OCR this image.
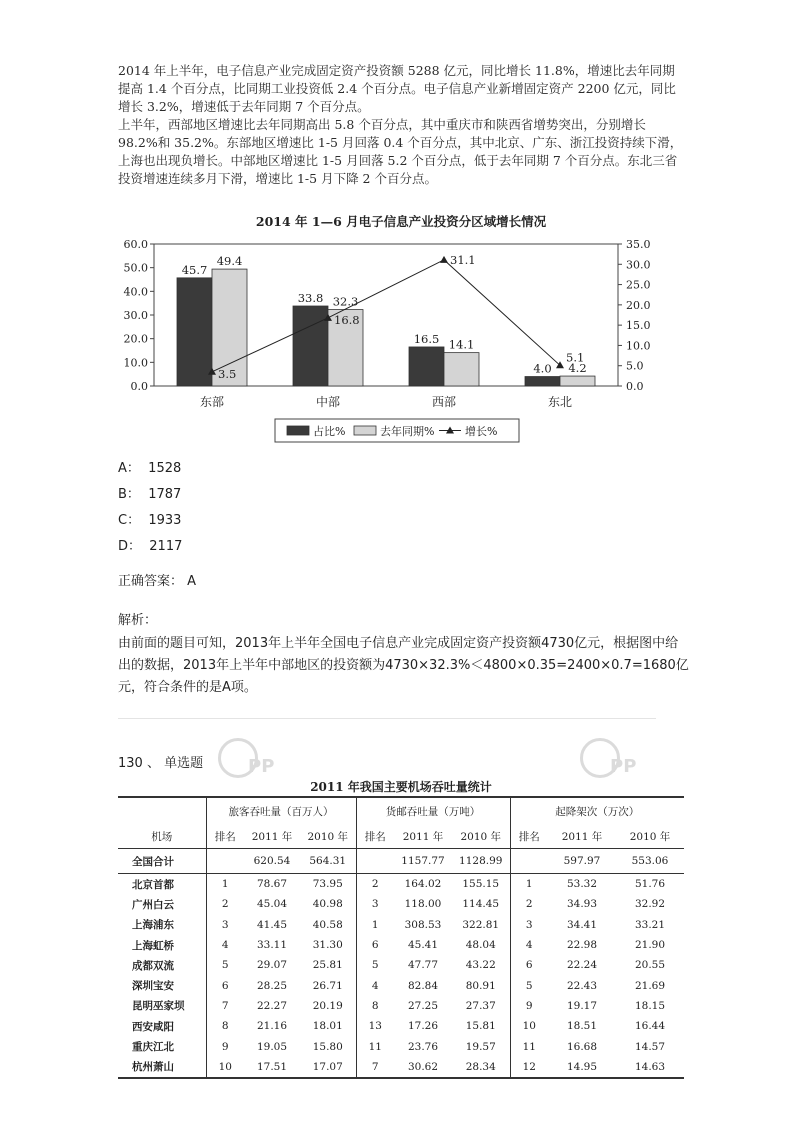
2014 年上半年，电子信息产业完成固定资产投资额 5288 亿元，同比增长 11.8%，增速比去年同期提高 1.4 个百分点，比同期工业投资低 2.4 个百分点。电子信息产业新增固定资产 2200 亿元，同比增长 3.2%，增速低于去年同期 7 个百分点。

上半年，西部地区增速比去年同期高出 5.8 个百分点，其中重庆市和陕西省增势突出，分别增长 98.2%和 35.2%。东部地区增速比 1-5 月回落 0.4 个百分点，其中北京、广东、浙江投资持续下滑，上海也出现负增长。中部地区增速比 1-5 月回落 5.2 个百分点，低于去年同期 7 个百分点。东北三省投资增速连续多月下滑，增速比 1-5 月下降 2 个百分点。

2014 年 1—6 月电子信息产业投资分区域增长情况
0.0
10.0
20.0
30.0
40.0
50.0
60.0
0.0
5.0
10.0
15.0
20.0
25.0
30.0
35.0
45.7
49.4
东部
33.8 32.3
中部
16.5 14.1
西部
4.0 4.2
东北
3.5
16.8
31.1
5.1
占比%	去年同期%	增长%
A： 1528
B： 1787
C： 1933
D： 2117
正确答案： A
解析：
由前面的题目可知，2013年上半年全国电子信息产业完成固定资产投资额4730亿元，根据图中给出的数据，2013年上半年中部地区的投资额为4730×32.3%＜4800×0.35=2400×0.7=1680亿元，符合条件的是A项。
PP	PP
130 、 单选题
2011 年我国主要机场吞吐量统计
	旅客吞吐量（百万人）			货邮吞吐量（万吨）			起降架次（万次）		
机场	排名	2011 年	2010 年	排名	2011 年	2010 年	排名	2011 年	2010 年
全国合计		620.54	564.31		1157.77	1128.99		597.97	553.06
北京首都	1	78.67	73.95	2	164.02	155.15	1	53.32	51.76
广州白云	2	45.04	40.98	3	118.00	114.45	2	34.93	32.92
上海浦东	3	41.45	40.58	1	308.53	322.81	3	34.41	33.21
上海虹桥	4	33.11	31.30	6	45.41	48.04	4	22.98	21.90
成都双流	5	29.07	25.81	5	47.77	43.22	6	22.24	20.55
深圳宝安	6	28.25	26.71	4	82.84	80.91	5	22.43	21.69
昆明巫家坝	7	22.27	20.19	8	27.25	27.37	9	19.17	18.15
西安咸阳	8	21.16	18.01	13	17.26	15.81	10	18.51	16.44
重庆江北	9	19.05	15.80	11	23.76	19.57	11	16.68	14.57
杭州萧山	10	17.51	17.07	7	30.62	28.34	12	14.95	14.63
